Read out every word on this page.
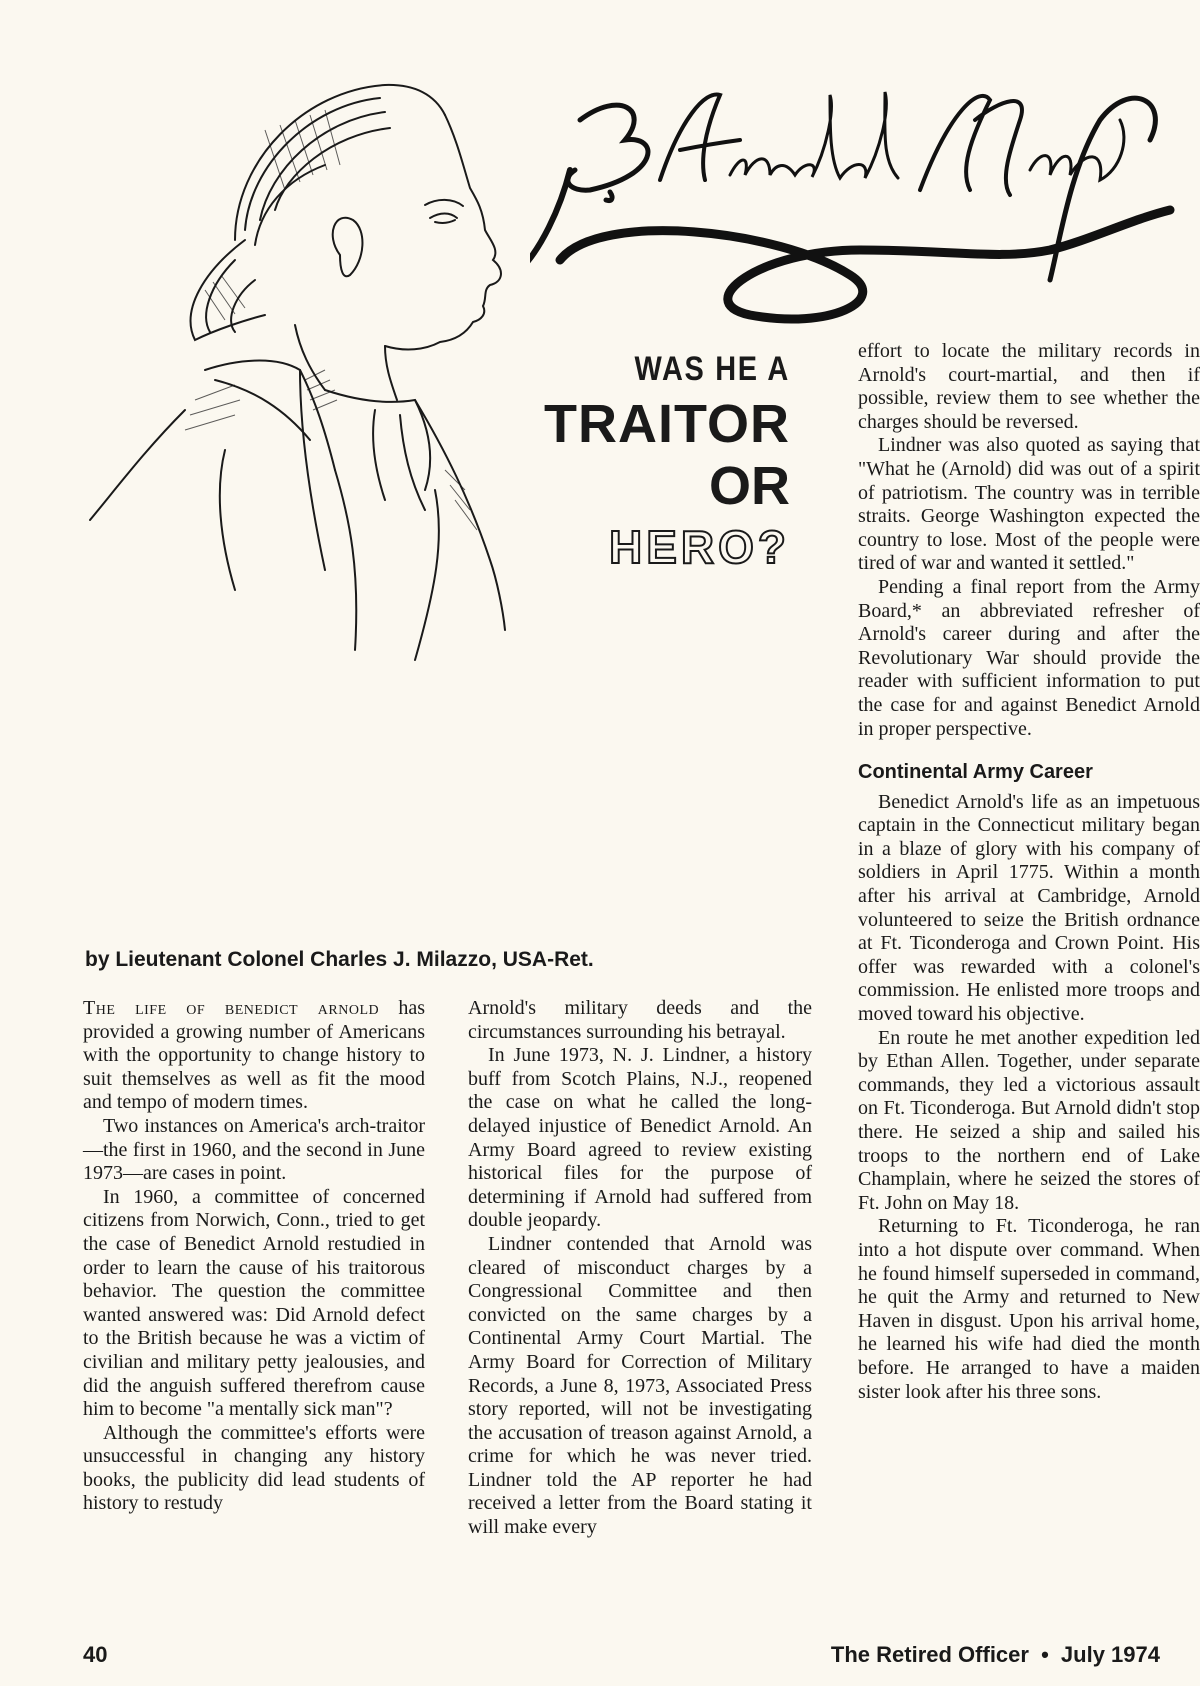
WAS HE A
TRAITOR
OR
HERO?
by Lieutenant Colonel Charles J. Milazzo, USA-Ret.

The life of benedict arnold has provided a growing number of Americans with the opportunity to change history to suit themselves as well as fit the mood and tempo of modern times.

Two instances on America's arch-traitor—the first in 1960, and the second in June 1973—are cases in point.

In 1960, a committee of concerned citizens from Norwich, Conn., tried to get the case of Benedict Arnold restudied in order to learn the cause of his traitorous behavior. The question the committee wanted answered was: Did Arnold defect to the British because he was a victim of civilian and military petty jealousies, and did the anguish suffered therefrom cause him to become "a mentally sick man"?

Although the committee's efforts were unsuccessful in changing any history books, the publicity did lead students of history to restudy

Arnold's military deeds and the circumstances surrounding his betrayal.

In June 1973, N. J. Lindner, a history buff from Scotch Plains, N.J., reopened the case on what he called the long-delayed injustice of Benedict Arnold. An Army Board agreed to review existing historical files for the purpose of determining if Arnold had suffered from double jeopardy.

Lindner contended that Arnold was cleared of misconduct charges by a Congressional Committee and then convicted on the same charges by a Continental Army Court Martial. The Army Board for Correction of Military Records, a June 8, 1973, Associated Press story reported, will not be investigating the accusation of treason against Arnold, a crime for which he was never tried. Lindner told the AP reporter he had received a letter from the Board stating it will make every

effort to locate the military records in Arnold's court-martial, and then if possible, review them to see whether the charges should be reversed.

Lindner was also quoted as saying that "What he (Arnold) did was out of a spirit of patriotism. The country was in terrible straits. George Washington expected the country to lose. Most of the people were tired of war and wanted it settled."

Pending a final report from the Army Board,* an abbreviated refresher of Arnold's career during and after the Revolutionary War should provide the reader with sufficient information to put the case for and against Benedict Arnold in proper perspective.

Continental Army Career

Benedict Arnold's life as an impetuous captain in the Connecticut military began in a blaze of glory with his company of soldiers in April 1775. Within a month after his arrival at Cambridge, Arnold volunteered to seize the British ordnance at Ft. Ticonderoga and Crown Point. His offer was rewarded with a colonel's commission. He enlisted more troops and moved toward his objective.

En route he met another expedition led by Ethan Allen. Together, under separate commands, they led a victorious assault on Ft. Ticonderoga. But Arnold didn't stop there. He seized a ship and sailed his troops to the northern end of Lake Champlain, where he seized the stores of Ft. John on May 18.

Returning to Ft. Ticonderoga, he ran into a hot dispute over command. When he found himself superseded in command, he quit the Army and returned to New Haven in disgust. Upon his arrival home, he learned his wife had died the month before. He arranged to have a maiden sister look after his three sons.

40	The Retired Officer • July 1974
